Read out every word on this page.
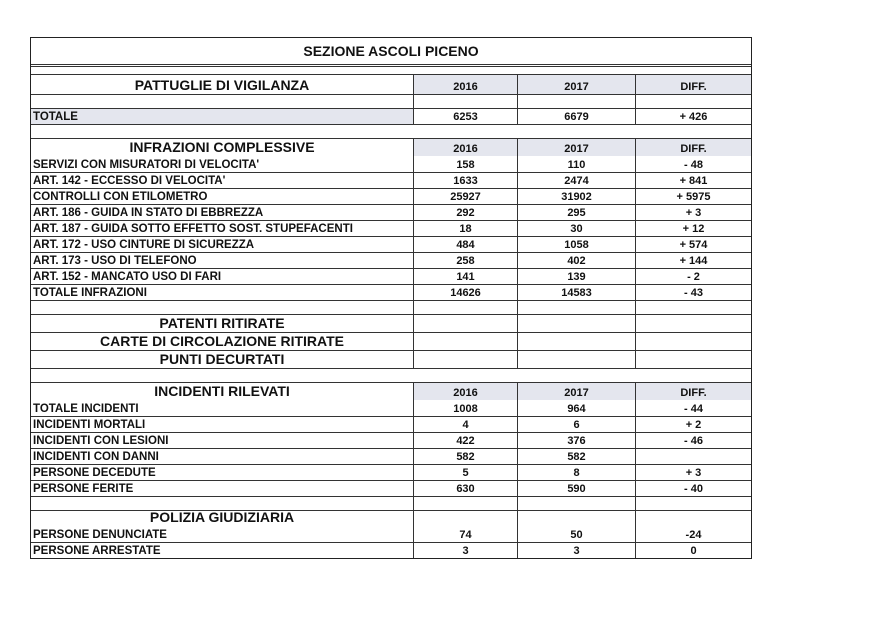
SEZIONE ASCOLI PICENO
PATTUGLIE DI VIGILANZA	2016	2017	DIFF.
TOTALE	6253	6679	+ 426
INFRAZIONI COMPLESSIVE	2016	2017	DIFF.
SERVIZI CON MISURATORI DI VELOCITA'	158	110	- 48
ART. 142 - ECCESSO DI VELOCITA'	1633	2474	+ 841
CONTROLLI CON ETILOMETRO	25927	31902	+ 5975
ART. 186 - GUIDA IN STATO DI EBBREZZA	292	295	+ 3
ART. 187 - GUIDA SOTTO EFFETTO SOST. STUPEFACENTI	18	30	+ 12
ART. 172 - USO CINTURE DI SICUREZZA	484	1058	+ 574
ART. 173 - USO DI TELEFONO	258	402	+ 144
ART. 152 - MANCATO USO DI FARI	141	139	- 2
TOTALE INFRAZIONI	14626	14583	- 43
PATENTI RITIRATE
CARTE DI CIRCOLAZIONE RITIRATE
PUNTI DECURTATI
INCIDENTI RILEVATI	2016	2017	DIFF.
TOTALE INCIDENTI	1008	964	- 44
INCIDENTI MORTALI	4	6	+ 2
INCIDENTI CON LESIONI	422	376	- 46
INCIDENTI CON DANNI	582	582
PERSONE DECEDUTE	5	8	+ 3
PERSONE FERITE	630	590	- 40
POLIZIA GIUDIZIARIA
PERSONE DENUNCIATE	74	50	-24
PERSONE ARRESTATE	3	3	0
